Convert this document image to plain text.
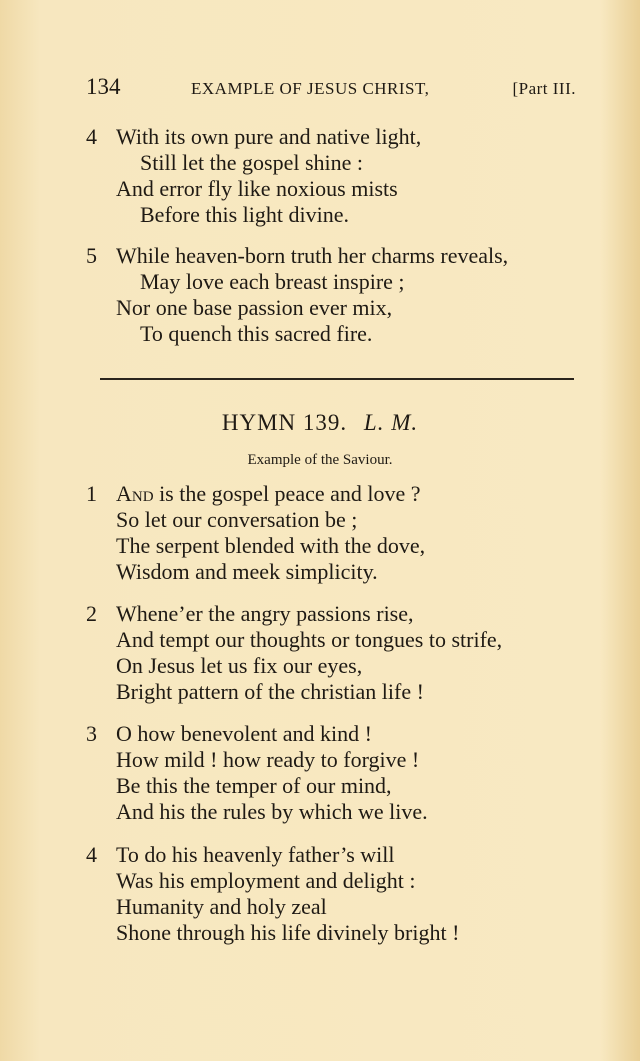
134	EXAMPLE OF JESUS CHRIST,	[Part III.
4 With its own pure and native light,
Still let the gospel shine :
And error fly like noxious mists
Before this light divine.
5 While heaven-born truth her charms reveals,
May love each breast inspire ;
Nor one base passion ever mix,
To quench this sacred fire.
HYMN 139. L. M.
Example of the Saviour.
1 And is the gospel peace and love ?
So let our conversation be ;
The serpent blended with the dove,
Wisdom and meek simplicity.
2 Whene’er the angry passions rise,
And tempt our thoughts or tongues to strife,
On Jesus let us fix our eyes,
Bright pattern of the christian life !
3 O how benevolent and kind !
How mild ! how ready to forgive !
Be this the temper of our mind,
And his the rules by which we live.
4 To do his heavenly father’s will
Was his employment and delight :
Humanity and holy zeal
Shone through his life divinely bright !
